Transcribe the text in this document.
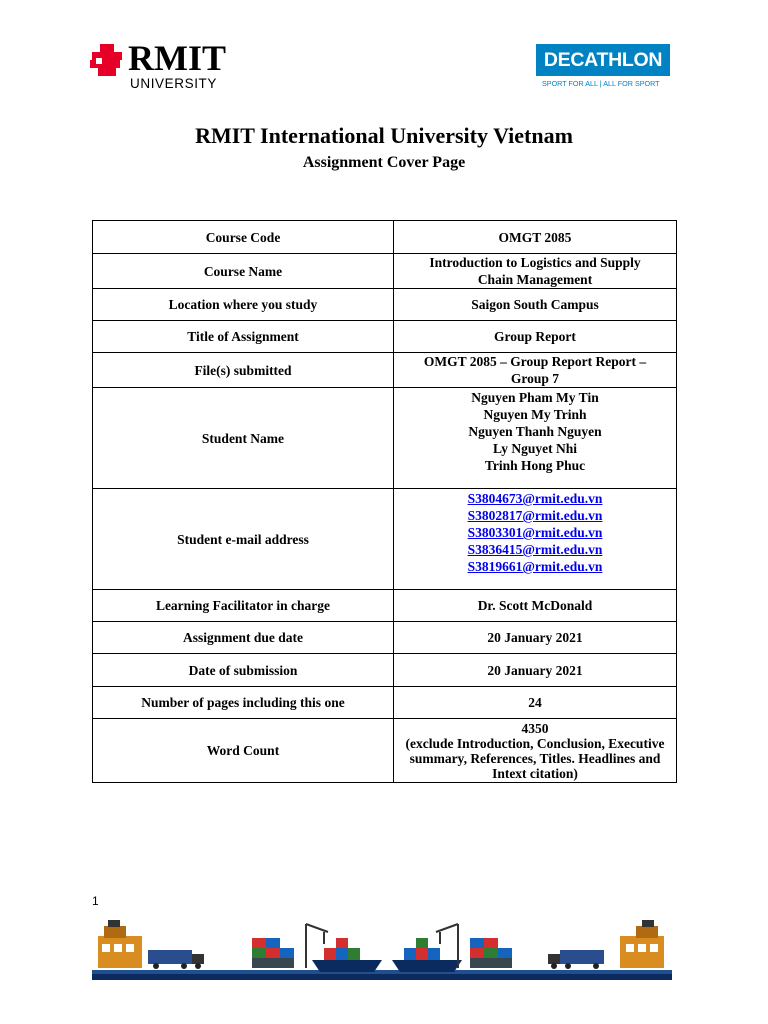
RMIT
UNIVERSITY
DECATHLON
SPORT FOR ALL | ALL FOR SPORT
RMIT International University Vietnam
Assignment Cover Page
Course Code	OMGT 2085
Course Name	Introduction to Logistics and Supply
Chain Management

Location where you study	Saigon South Campus
Title of Assignment	Group Report
File(s) submitted	OMGT 2085 – Group Report Report –
Group 7

Student Name	Nguyen Pham My Tin
Nguyen My Trinh
Nguyen Thanh Nguyen
Ly Nguyet Nhi
Trinh Hong Phuc

Student e-mail address	S3804673@rmit.edu.vn
S3802817@rmit.edu.vn
S3803301@rmit.edu.vn
S3836415@rmit.edu.vn
S3819661@rmit.edu.vn

Learning Facilitator in charge	Dr. Scott McDonald
Assignment due date	20 January 2021
Date of submission	20 January 2021
Number of pages including this one	24
Word Count	4350
(exclude Introduction, Conclusion, Executive
summary, References, Titles. Headlines and
Intext citation)
1
